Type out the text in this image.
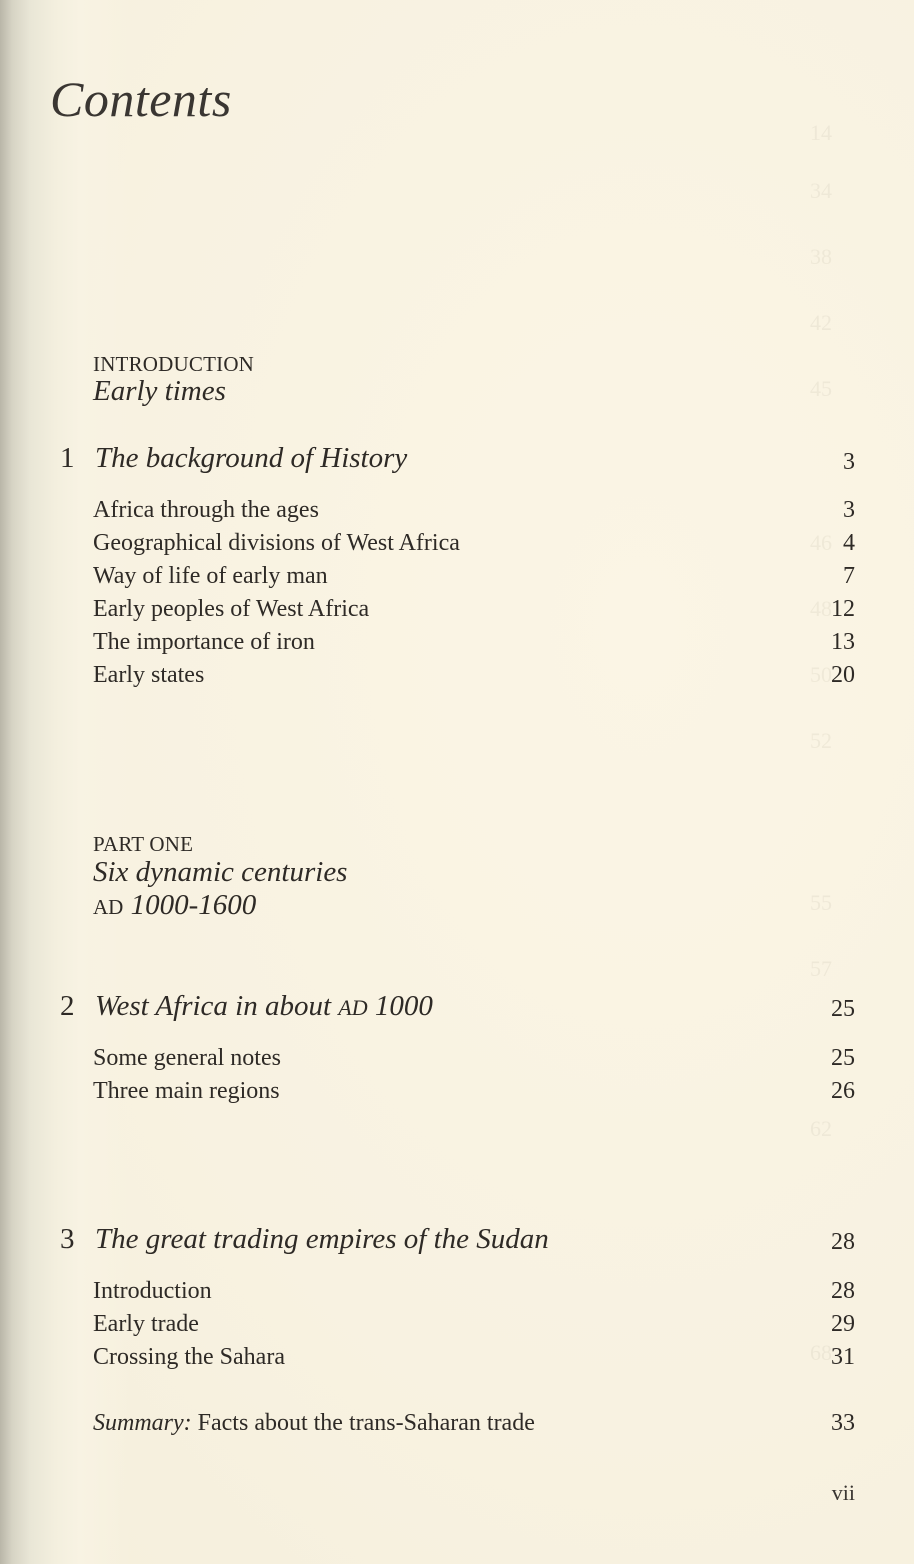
14
34
38
42
45
46
48
50
52
55
57
62
68
Contents
INTRODUCTION
Early times
1 The background of History	3
Africa through the ages	3
Geographical divisions of West Africa	4
Way of life of early man	7
Early peoples of West Africa	12
The importance of iron	13
Early states	20
PART ONE
Six dynamic centuries
AD 1000-1600
2 West Africa in about AD 1000	25
Some general notes	25
Three main regions	26
3 The great trading empires of the Sudan	28
Introduction	28
Early trade	29
Crossing the Sahara	31
Summary: Facts about the trans-Saharan trade	33
vii
